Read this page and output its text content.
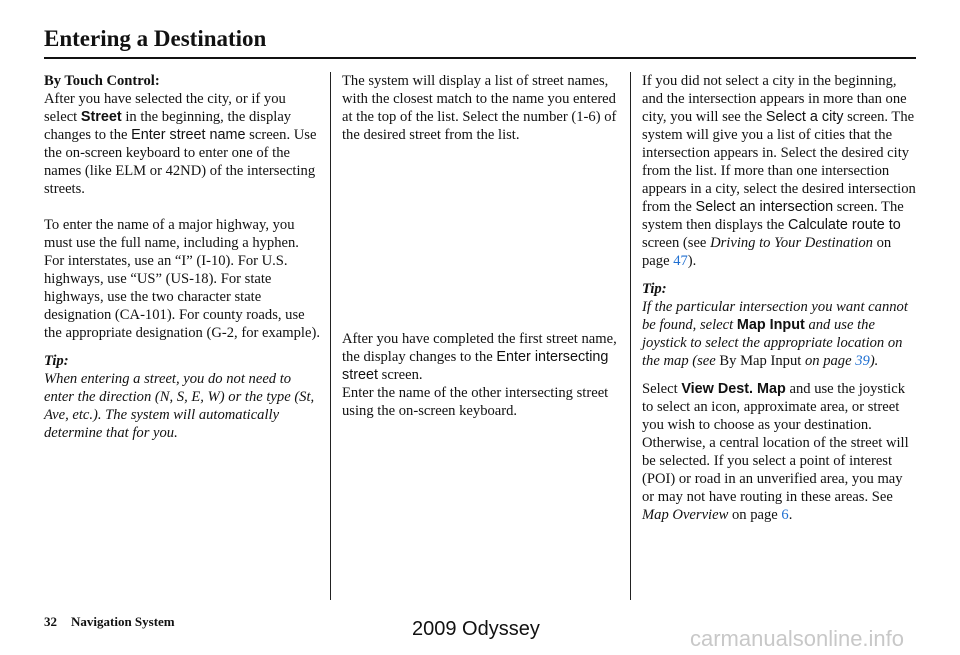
Entering a Destination

By Touch Control:

After you have selected the city, or if you select Street in the beginning, the display changes to the Enter street name screen. Use the on-screen keyboard to enter one of the names (like ELM or 42ND) of the intersecting streets.

To enter the name of a major highway, you must use the full name, including a hyphen. For interstates, use an “I” (I-10). For U.S. highways, use “US” (US-18). For state highways, use the two character state designation (CA-101). For county roads, use the appropriate designation (G-2, for example).

Tip:

When entering a street, you do not need to enter the direction (N, S, E, W) or the type (St, Ave, etc.). The system will automatically determine that for you.

The system will display a list of street names, with the closest match to the name you entered at the top of the list. Select the number (1-6) of the desired street from the list.

After you have completed the first street name, the display changes to the Enter intersecting street screen.

Enter the name of the other intersecting street using the on-screen keyboard.

If you did not select a city in the beginning, and the intersection appears in more than one city, you will see the Select a city screen. The system will give you a list of cities that the intersection appears in. Select the desired city from the list. If more than one intersection appears in a city, select the desired intersection from the Select an intersection screen. The system then displays the Calculate route to screen (see Driving to Your Destination on page 47).

Tip:

If the particular intersection you want cannot be found, select Map Input and use the joystick to select the appropriate location on the map (see By Map Input on page 39).

Select View Dest. Map and use the joystick to select an icon, approximate area, or street you wish to choose as your destination. Otherwise, a central location of the street will be selected. If you select a point of interest (POI) or road in an unverified area, you may or may not have routing in these areas. See Map Overview on page 6.

32 Navigation System	2009 Odyssey	carmanualsonline.info
